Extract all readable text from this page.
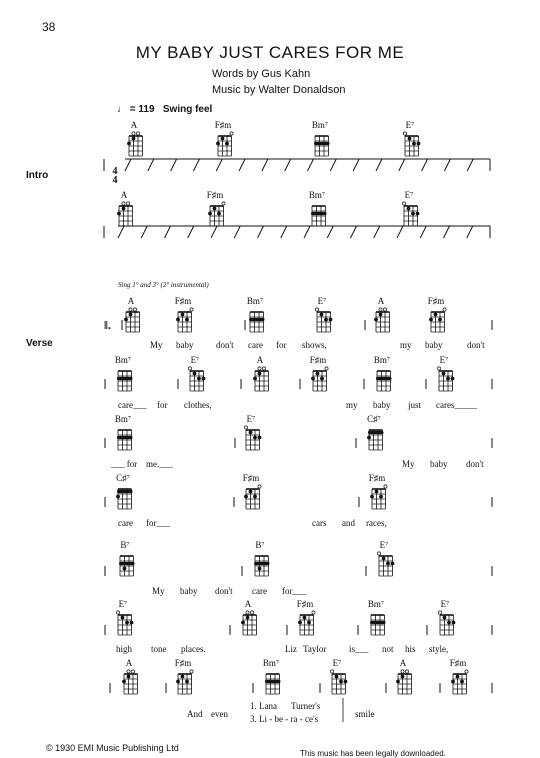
38
MY BABY JUST CARES FOR ME
Words by Gus Kahn
Music by Walter Donaldson
♩ = 119 Swing feel
Intro
Verse
Sing 1° and 3° (2° instrumental)
4
4
‖.
A	F♯m	Bm⁷	E⁷
A	F♯m	Bm⁷	E⁷
A	F♯m	Bm⁷	E⁷	A	F♯m
Bm⁷	E⁷	A	F♯m	Bm⁷	E⁷
Bm⁷	E⁷	C♯⁷
C♯⁷	F♯m	F♯m
B⁷	B⁷	E⁷
E⁷	A	F♯m	Bm⁷	E⁷
A	F♯m	Bm⁷	E⁷	A	F♯m
My baby	don't care for shows,	my baby	don't
care___ for clothes,	my baby just cares_____
___ for me.___	My baby don't
care for___	cars and races,
My baby don't care for___
high tone places.	Liz Taylor	is___ not his style,
And even
1. Lana Turner's
3. Li - be - ra - ce's	smile
© 1930 EMI Music Publishing Ltd
This music has been legally downloaded.
